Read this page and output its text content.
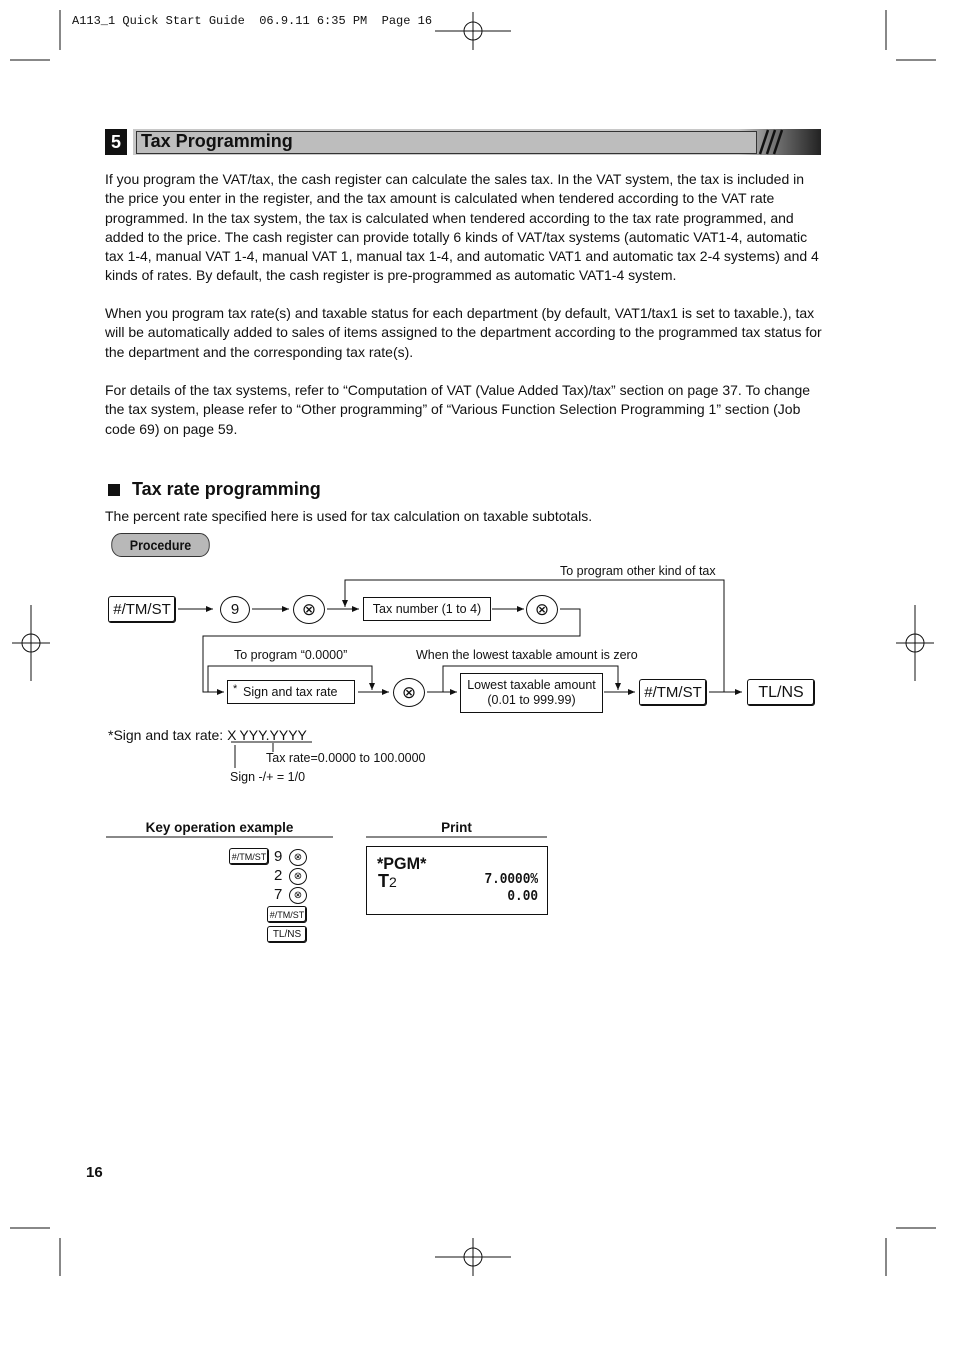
A113_1 Quick Start Guide  06.9.11 6:35 PM  Page 16
5	Tax Programming
If you program the VAT/tax, the cash register can calculate the sales tax. In the VAT system, the tax is included in the price you enter in the register, and the tax amount is calculated when tendered according to the VAT rate programmed. In the tax system, the tax is calculated when tendered according to the tax rate programmed, and added to the price. The cash register can provide totally 6 kinds of VAT/tax systems (automatic VAT1-4, automatic tax 1-4, manual VAT 1-4, manual VAT 1, manual tax 1-4, and automatic VAT1 and automatic tax 2-4 systems) and 4 kinds of rates. By default, the cash register is pre-programmed as automatic VAT1-4 system.
When you program tax rate(s) and taxable status for each department (by default, VAT1/tax1 is set to taxable.), tax will be automatically added to sales of items assigned to the department according to the programmed tax status for the department and the corresponding tax rate(s).
For details of the tax systems, refer to “Computation of VAT (Value Added Tax)/tax” section on page 37. To change the tax system, please refer to “Other programming” of “Various Function Selection Programming 1” section (Job code 69) on page 59.
Tax rate programming
The percent rate specified here is used for tax calculation on taxable subtotals.
Procedure
#/TM/ST	9	⊗	Tax number (1 to 4)	⊗
* Sign and tax rate	⊗	Lowest taxable amount
(0.01 to 999.99)	#/TM/ST	TL/NS
To program other kind of tax
To program “0.0000”	When the lowest taxable amount is zero
*Sign and tax rate: X YYY.YYYY
Tax rate=0.0000 to 100.0000
Sign -/+ = 1/0
Key operation example	Print
#/TM/ST 9	⊗
2	⊗
7	⊗
#/TM/ST
TL/NS
*PGM*
T2	7.0000%
0.00
16
